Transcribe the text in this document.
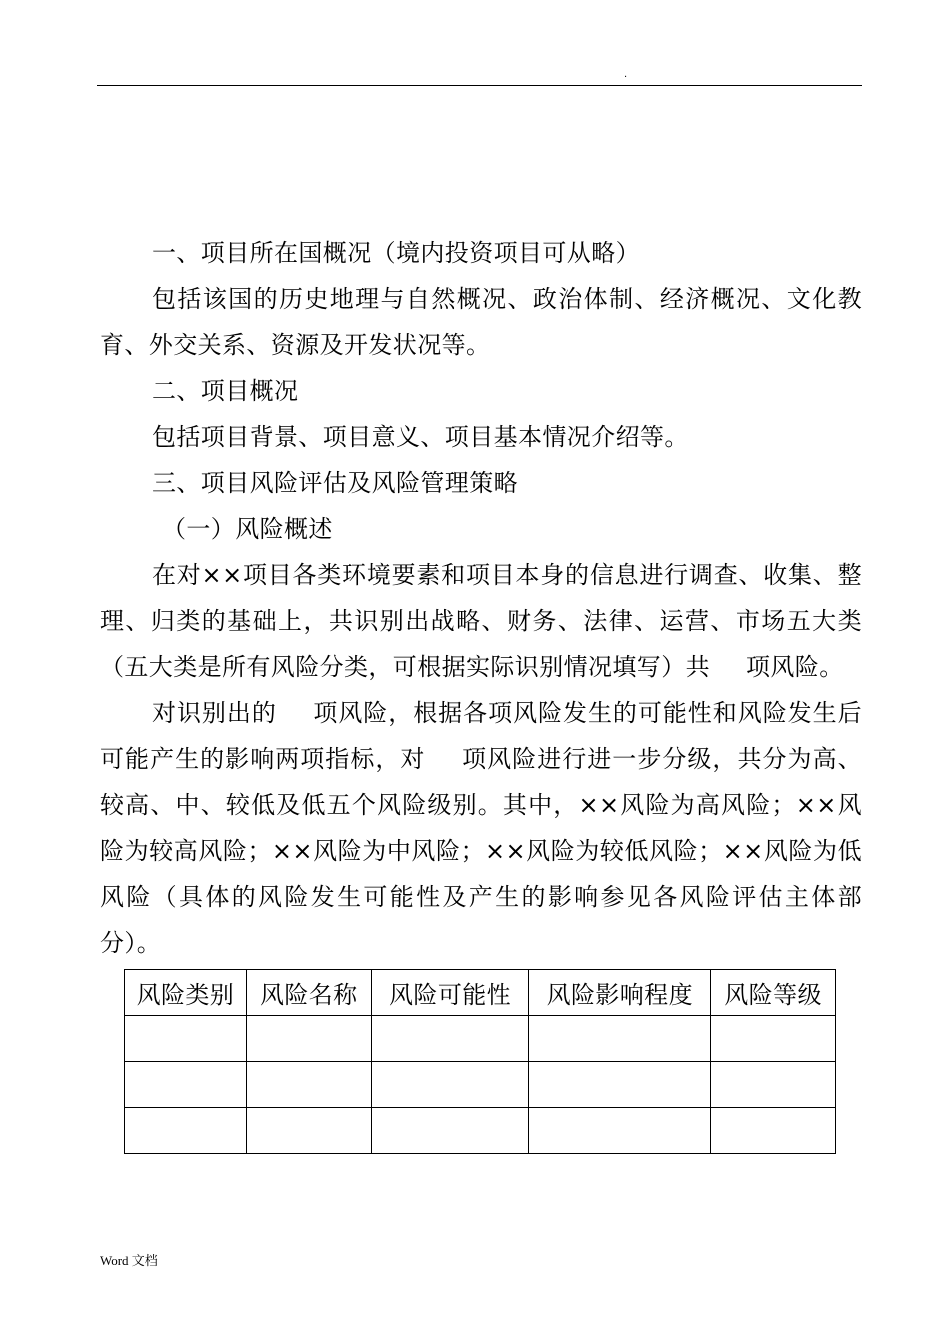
.

一、项目所在国概况（境内投资项目可从略）

包括该国的历史地理与自然概况、政治体制、经济概况、文化教育、外交关系、资源及开发状况等。

二、项目概况

包括项目背景、项目意义、项目基本情况介绍等。

三、项目风险评估及风险管理策略

（一）风险概述

在对××项目各类环境要素和项目本身的信息进行调查、收集、整理、归类的基础上，共识别出战略、财务、法律、运营、市场五大类（五大类是所有风险分类，可根据实际识别情况填写）共 项风险。

对识别出的 项风险，根据各项风险发生的可能性和风险发生后可能产生的影响两项指标，对 项风险进行进一步分级，共分为高、较高、中、较低及低五个风险级别。其中，××风险为高风险；××风险为较高风险；××风险为中风险；××风险为较低风险；××风险为低风险（具体的风险发生可能性及产生的影响参见各风险评估主体部分）。

风险类别	风险名称	风险可能性	风险影响程度	风险等级

Word 文档
